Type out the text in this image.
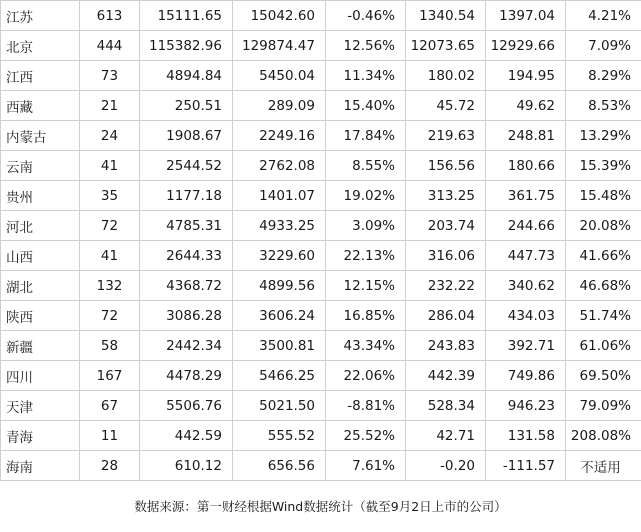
江苏	613	15111.65	15042.60	-0.46%	1340.54	1397.04	4.21%
北京	444	115382.96	129874.47	12.56%	12073.65	12929.66	7.09%
江西	73	4894.84	5450.04	11.34%	180.02	194.95	8.29%
西藏	21	250.51	289.09	15.40%	45.72	49.62	8.53%
内蒙古	24	1908.67	2249.16	17.84%	219.63	248.81	13.29%
云南	41	2544.52	2762.08	8.55%	156.56	180.66	15.39%
贵州	35	1177.18	1401.07	19.02%	313.25	361.75	15.48%
河北	72	4785.31	4933.25	3.09%	203.74	244.66	20.08%
山西	41	2644.33	3229.60	22.13%	316.06	447.73	41.66%
湖北	132	4368.72	4899.56	12.15%	232.22	340.62	46.68%
陕西	72	3086.28	3606.24	16.85%	286.04	434.03	51.74%
新疆	58	2442.34	3500.81	43.34%	243.83	392.71	61.06%
四川	167	4478.29	5466.25	22.06%	442.39	749.86	69.50%
天津	67	5506.76	5021.50	-8.81%	528.34	946.23	79.09%
青海	11	442.59	555.52	25.52%	42.71	131.58	208.08%
海南	28	610.12	656.56	7.61%	-0.20	-111.57	不适用
数据来源：第一财经根据Wind数据统计（截至9月2日上市的公司）
